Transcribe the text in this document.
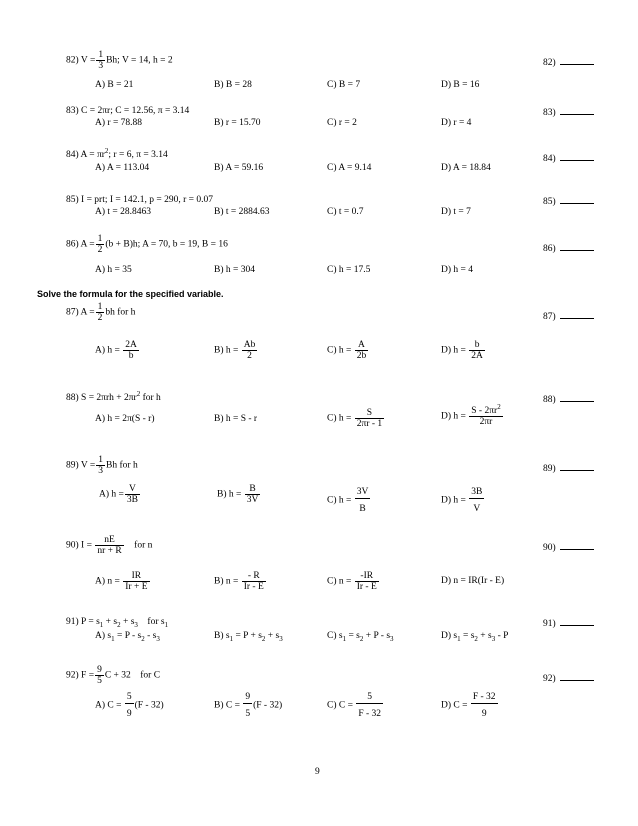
82) $V = \frac{1}{3} Bh$; V = 14, h = 2	82)
A) B = 21	B) B = 28	C) B = 7	D) B = 16
83) C = 2πr; C = 12.56, π = 3.14	83)
A) r = 78.88	B) r = 15.70	C) r = 2	D) r = 4
84) $A = \pi r^2$; r = 6, π = 3.14	84)
A) A = 113.04	B) A = 59.16	C) A = 9.14	D) A = 18.84
85) I = prt; I = 142.1, p = 290, r = 0.07	85)
A) t = 28.8463	B) t = 2884.63	C) t = 0.7	D) t = 7
86) $A = \frac{1}{2} (b + B)h$; A = 70, b = 19, B = 16	86)
A) h = 35	B) h = 304	C) h = 17.5	D) h = 4
Solve the formula for the specified variable.
87) $A = \frac{1}{2}$ bh for h	87)
A) $h = \frac{2A}{b}$	B) $h = \frac{Ab}{2}$	C) $h = \frac{A}{2b}$	D) $h = \frac{b}{2A}$
88) $S = 2\pi rh + 2\pi r^2$ for h	88)
A) h = 2π(S - r)	B) h = S - r	C) $h = \frac{S}{2\pi r - 1}$	D) $h = \frac{S - 2\pi r^2}{2\pi r}$
89) $V = \frac{1}{3}$ Bh for h	89)
A) $h = \frac{V}{3B}$	B) $h = \frac{B}{3V}$	C) $h = \frac{3V}{B}$	D) $h = \frac{3B}{V}$
90) $I = \frac{nE}{nr + R}$ for n	90)
A) $n = \frac{IR}{Ir + E}$	B) $n = \frac{- R}{Ir - E}$	C) $n = \frac{-IR}{Ir - E}$	D) n = IR(Ir - E)
91) $P = s_1 + s_2 + s_3$    for $s_1$	91)
A) $s_1 = P - s_2 - s_3$	B) $s_1 = P + s_2 + s_3$	C) $s_1 = s_2 + P - s_3$	D) $s_1 = s_2 + s_3 - P$
92) $F = \frac{9}{5}$ C + 32    for C	92)
A) $C = \frac{5}{9} (F - 32)$	B) $C = \frac{9}{5} (F - 32)$	C) $C = \frac{5}{F - 32}$	D) $C = \frac{F - 32}{9}$
9
